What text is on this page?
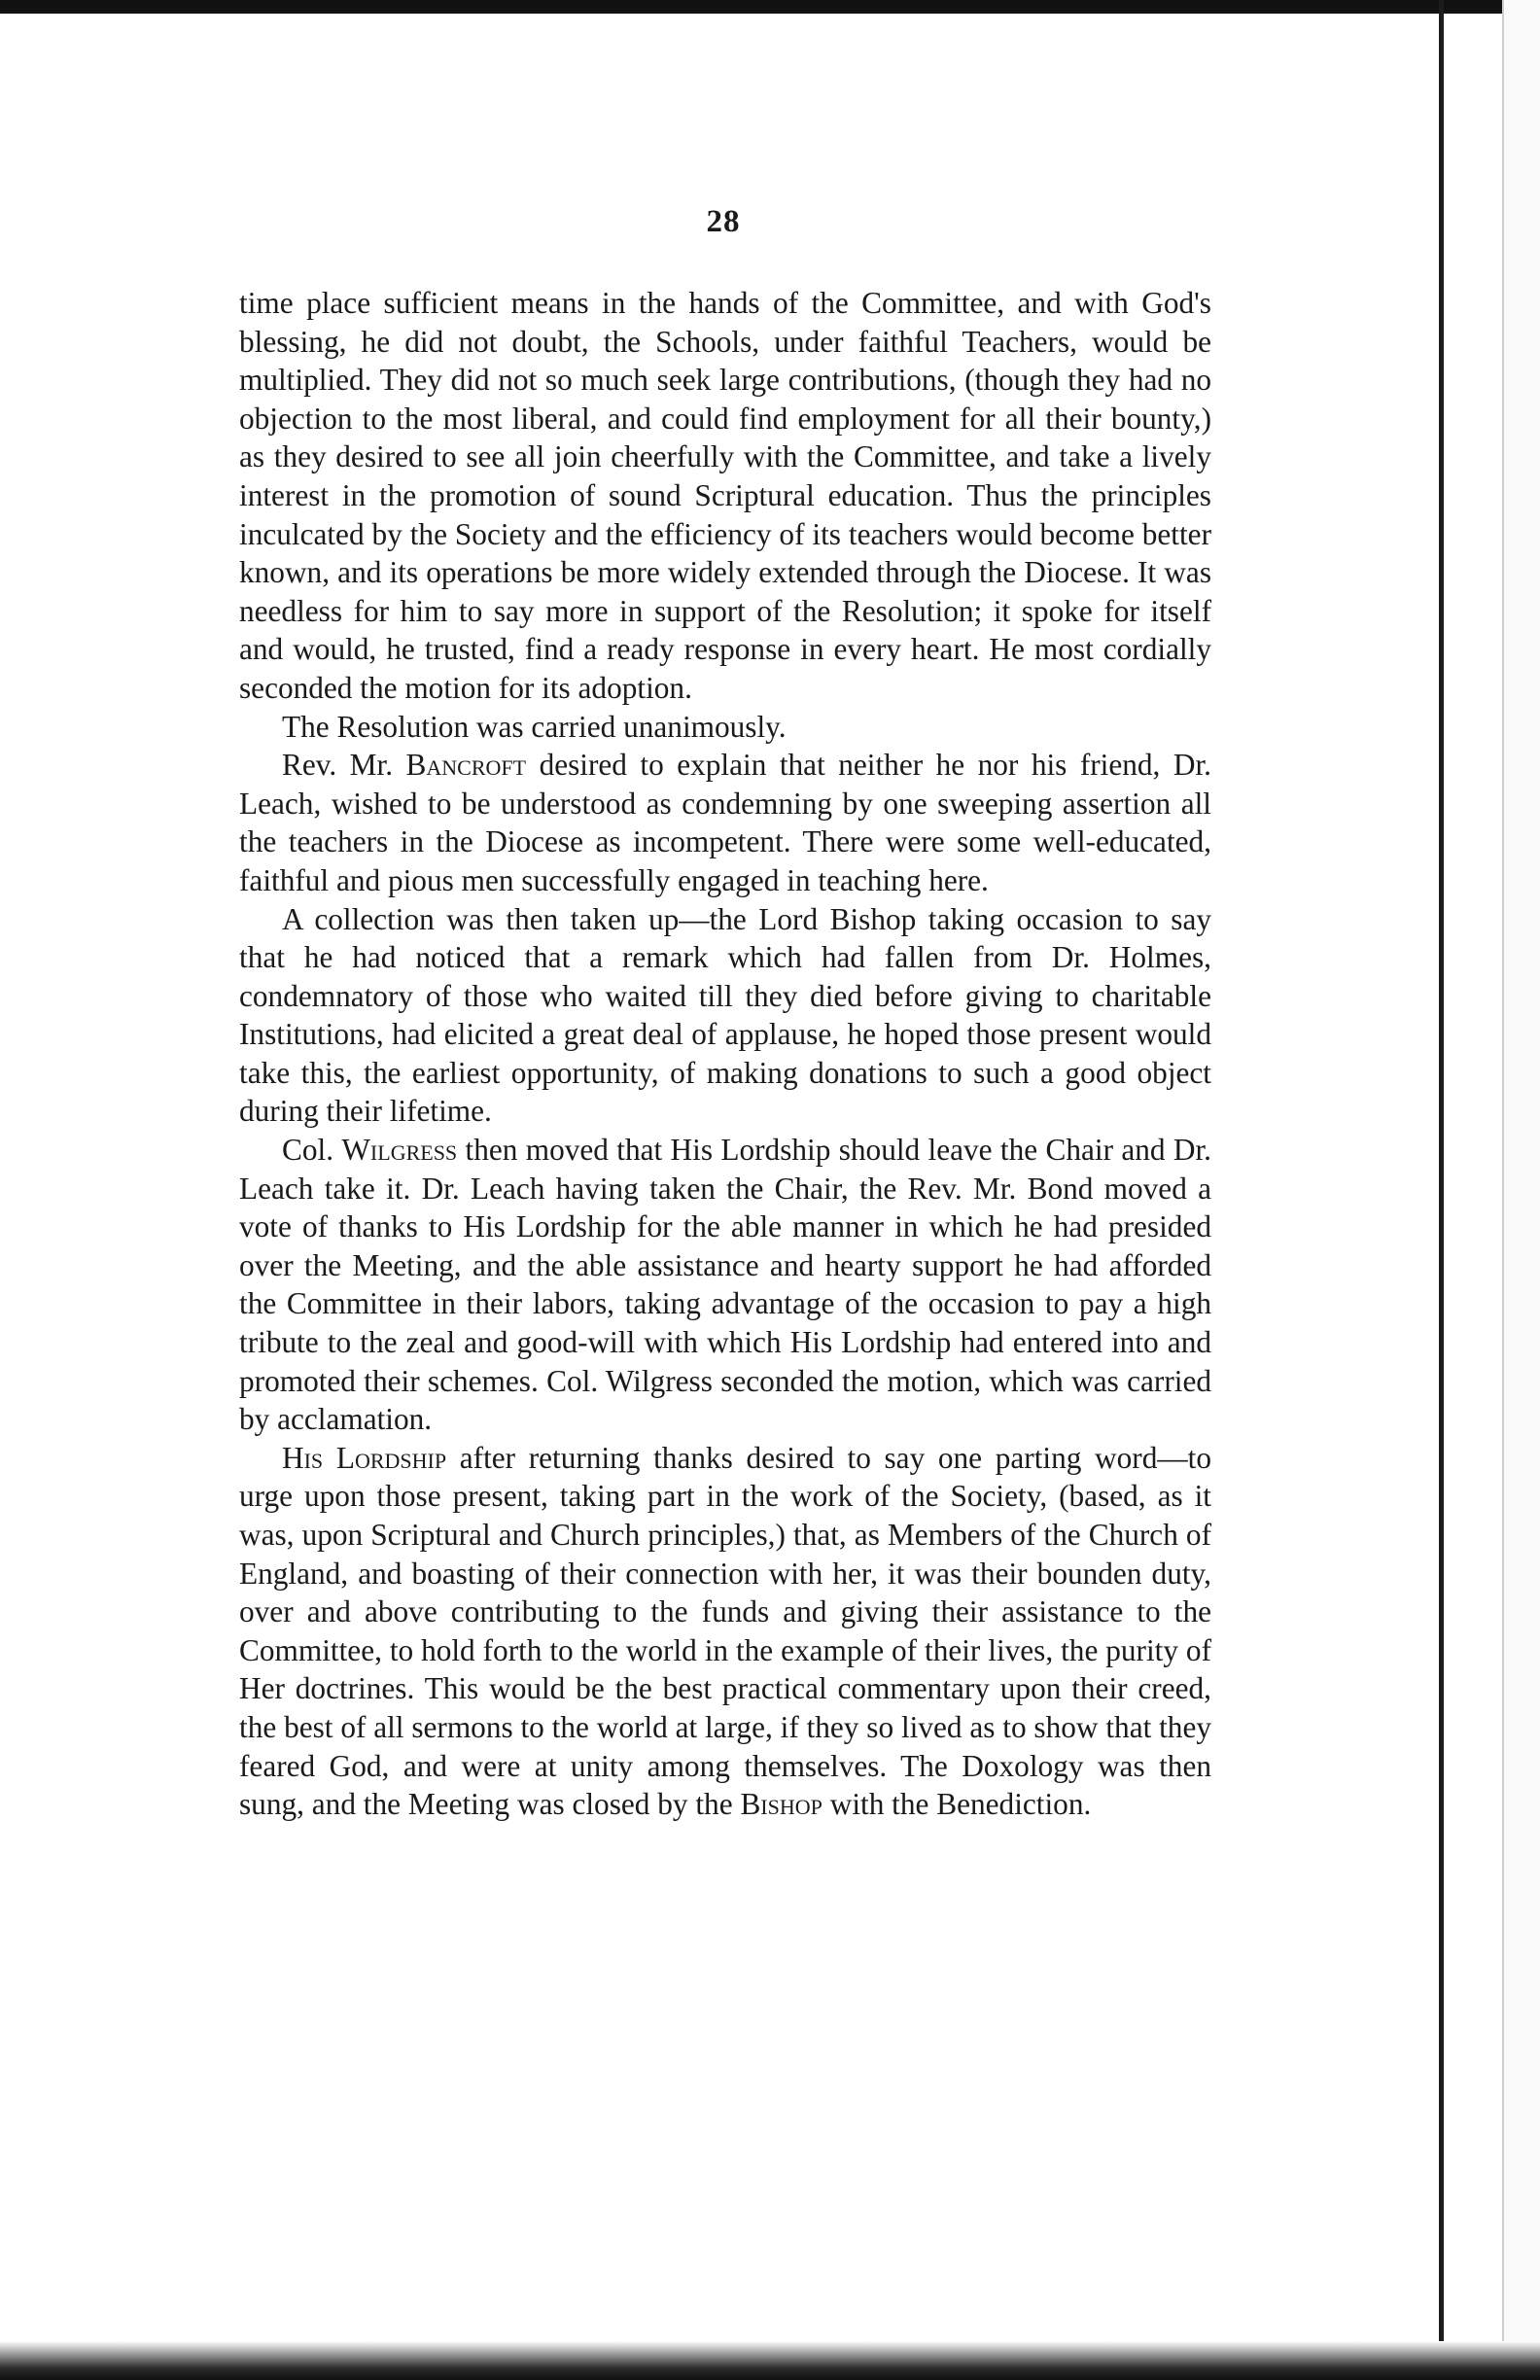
28

time place sufficient means in the hands of the Committee, and with God's blessing, he did not doubt, the Schools, under faithful Teachers, would be multiplied. They did not so much seek large contributions, (though they had no objection to the most liberal, and could find employment for all their bounty,) as they desired to see all join cheerfully with the Committee, and take a lively interest in the promotion of sound Scriptural education. Thus the principles inculcated by the Society and the efficiency of its teachers would become better known, and its operations be more widely extended through the Diocese. It was needless for him to say more in support of the Resolution; it spoke for itself and would, he trusted, find a ready response in every heart. He most cordially seconded the motion for its adoption.

The Resolution was carried unanimously.

Rev. Mr. Bancroft desired to explain that neither he nor his friend, Dr. Leach, wished to be understood as condemning by one sweeping assertion all the teachers in the Diocese as incompetent. There were some well-educated, faithful and pious men successfully engaged in teaching here.

A collection was then taken up—the Lord Bishop taking occasion to say that he had noticed that a remark which had fallen from Dr. Holmes, condemnatory of those who waited till they died before giving to charitable Institutions, had elicited a great deal of applause, he hoped those present would take this, the earliest opportunity, of making donations to such a good object during their lifetime.

Col. Wilgress then moved that His Lordship should leave the Chair and Dr. Leach take it. Dr. Leach having taken the Chair, the Rev. Mr. Bond moved a vote of thanks to His Lordship for the able manner in which he had presided over the Meeting, and the able assistance and hearty support he had afforded the Committee in their labors, taking advantage of the occasion to pay a high tribute to the zeal and good-will with which His Lordship had entered into and promoted their schemes. Col. Wilgress seconded the motion, which was carried by acclamation.

His Lordship after returning thanks desired to say one parting word—to urge upon those present, taking part in the work of the Society, (based, as it was, upon Scriptural and Church principles,) that, as Members of the Church of England, and boasting of their connection with her, it was their bounden duty, over and above contributing to the funds and giving their assistance to the Committee, to hold forth to the world in the example of their lives, the purity of Her doctrines. This would be the best practical commentary upon their creed, the best of all sermons to the world at large, if they so lived as to show that they feared God, and were at unity among themselves. The Doxology was then sung, and the Meeting was closed by the Bishop with the Benediction.
